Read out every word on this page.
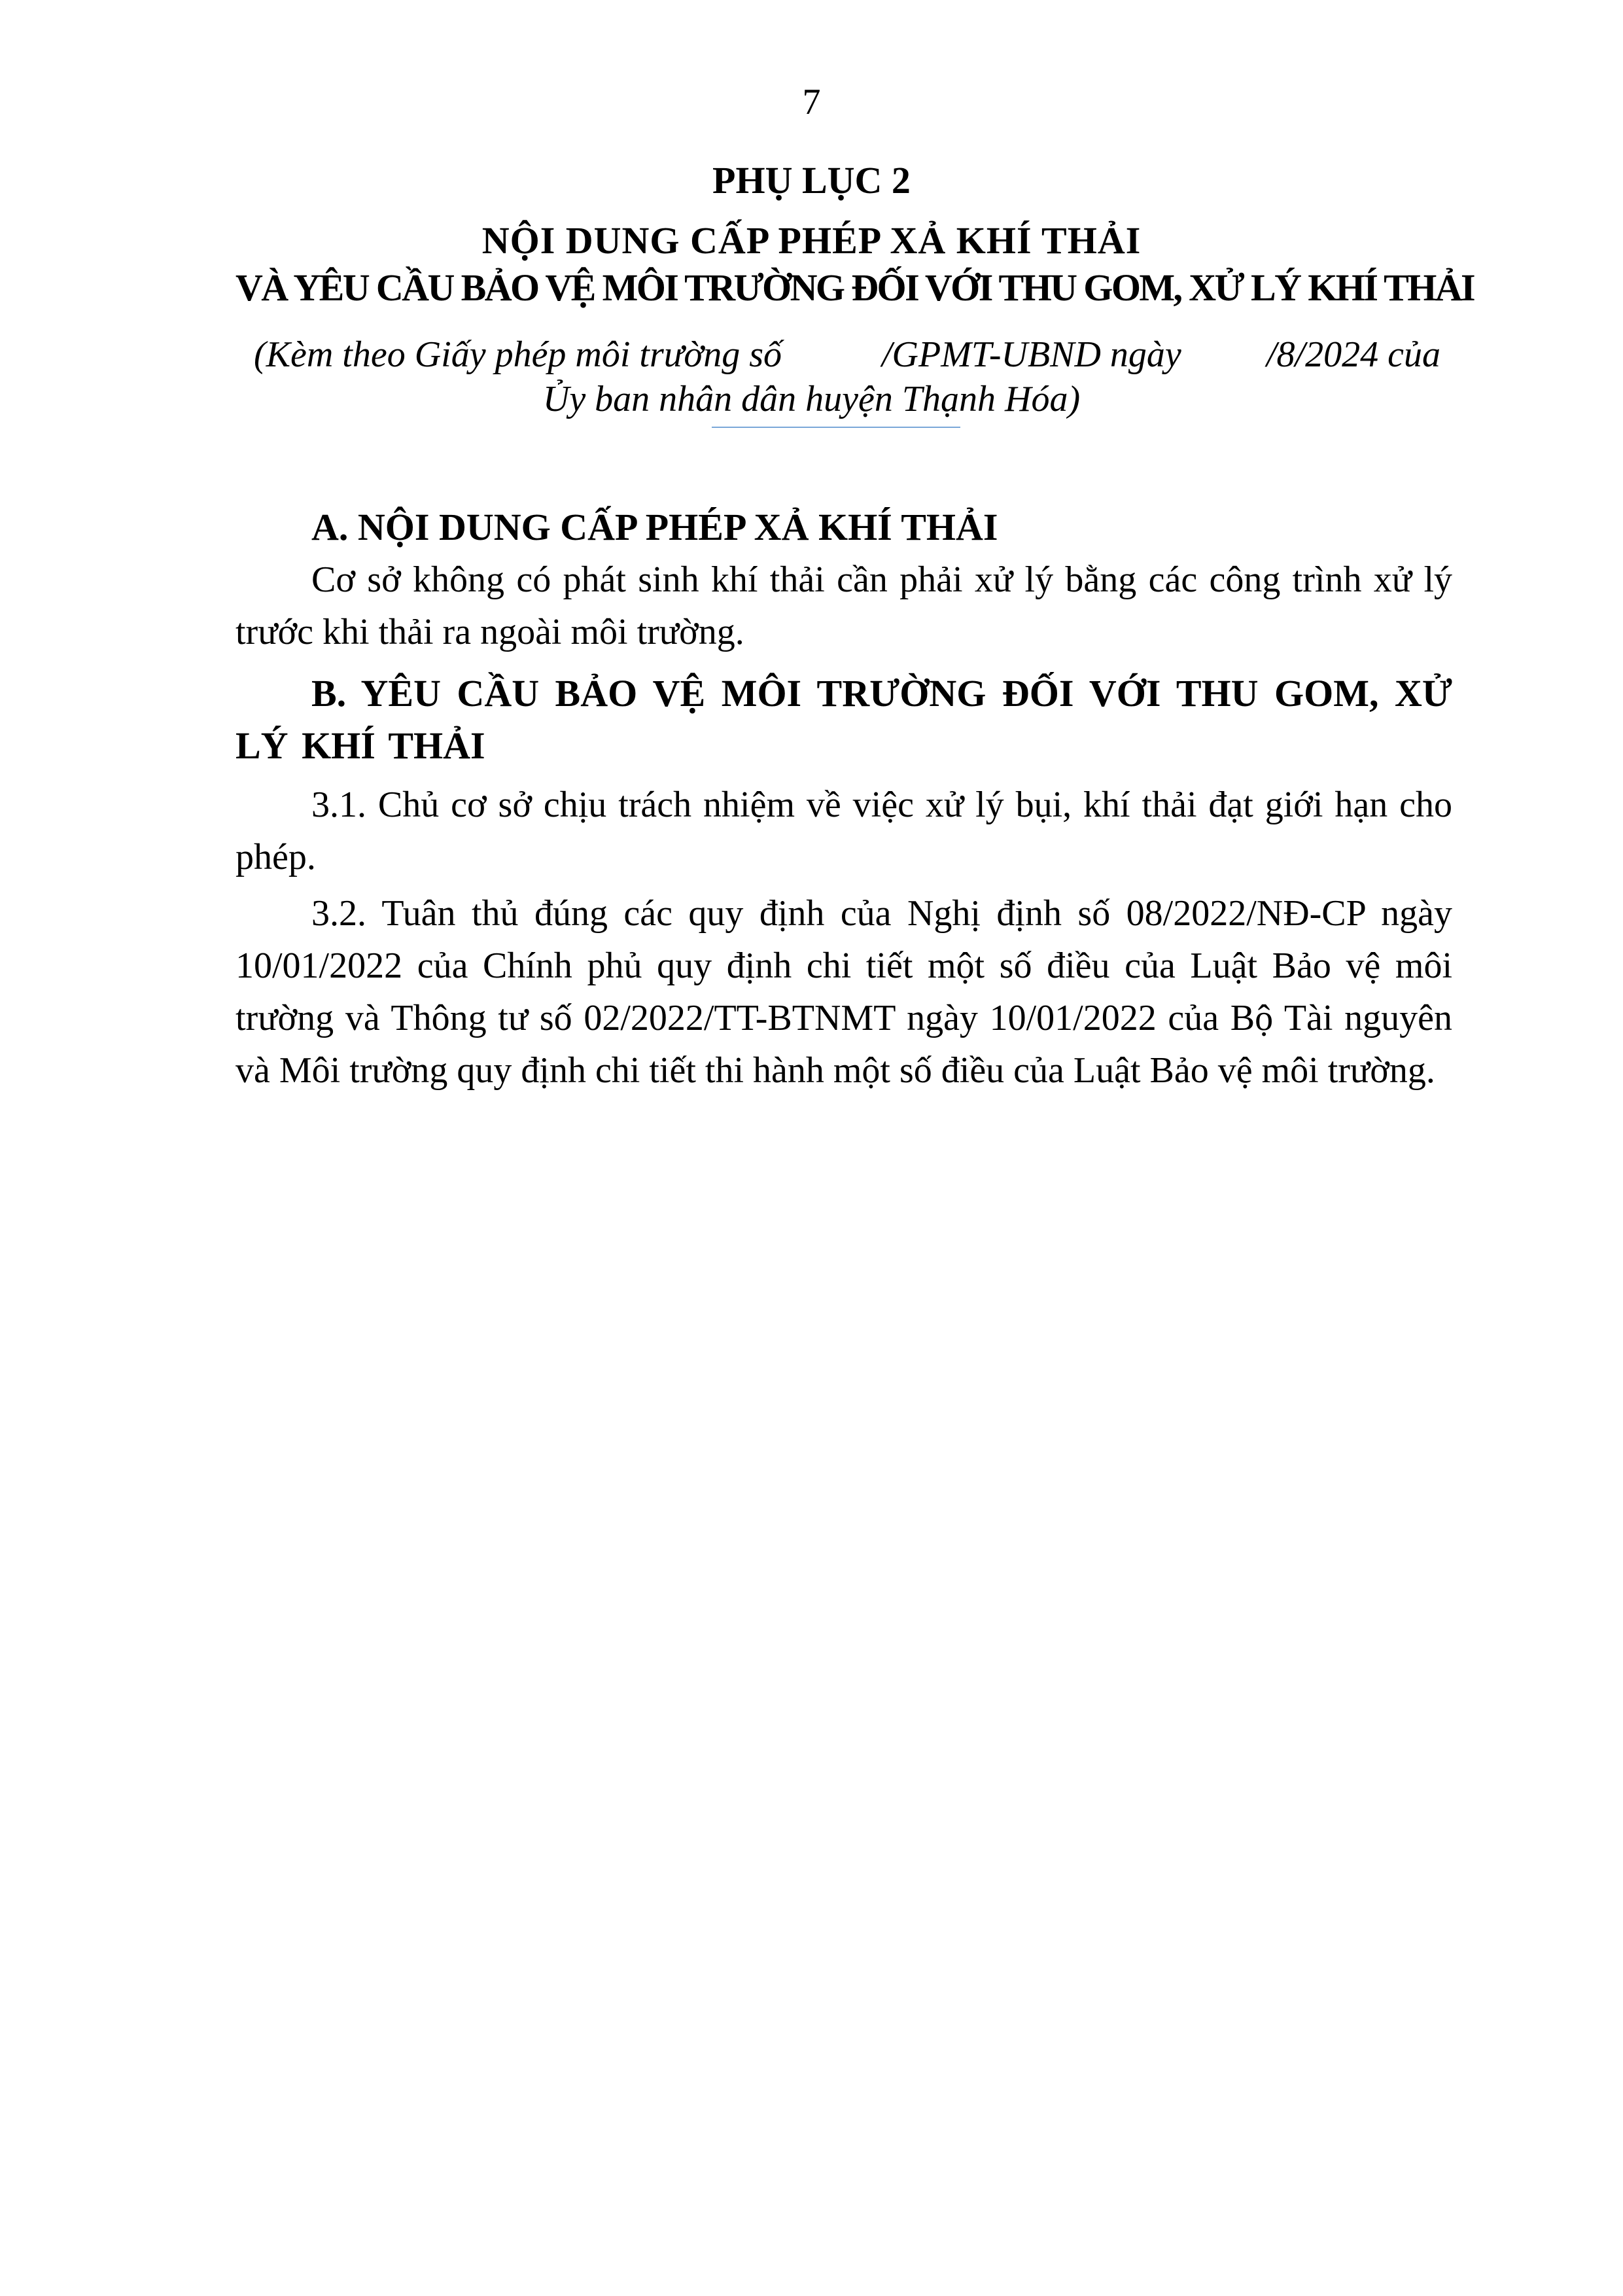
7
PHỤ LỤC 2
NỘI DUNG CẤP PHÉP XẢ KHÍ THẢI
VÀ YÊU CẦU BẢO VỆ MÔI TRƯỜNG ĐỐI VỚI THU GOM, XỬ LÝ KHÍ THẢI
(Kèm theo Giấy phép môi trường số	/GPMT-UBND ngày /8/2024 của
Ủy ban nhân dân huyện Thạnh Hóa)
A. NỘI DUNG CẤP PHÉP XẢ KHÍ THẢI
Cơ sở không có phát sinh khí thải cần phải xử lý bằng các công trình xử lý trước khi thải ra ngoài môi trường.
B. YÊU CẦU BẢO VỆ MÔI TRƯỜNG ĐỐI VỚI THU GOM, XỬ LÝ KHÍ THẢI
3.1. Chủ cơ sở chịu trách nhiệm về việc xử lý bụi, khí thải đạt giới hạn cho phép.
3.2. Tuân thủ đúng các quy định của Nghị định số 08/2022/NĐ-CP ngày 10/01/2022 của Chính phủ quy định chi tiết một số điều của Luật Bảo vệ môi trường và Thông tư số 02/2022/TT-BTNMT ngày 10/01/2022 của Bộ Tài nguyên và Môi trường quy định chi tiết thi hành một số điều của Luật Bảo vệ môi trường.
